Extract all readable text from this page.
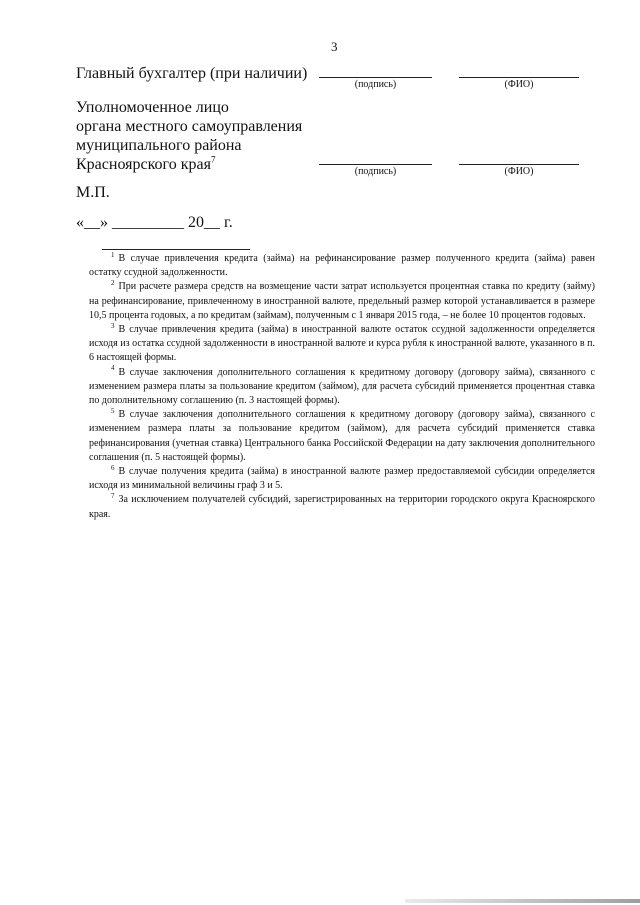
3
Главный бухгалтер (при наличии)
(подпись)	(ФИО)
Уполномоченное лицо
органа местного самоуправления
муниципального района
Красноярского края$^7$
(подпись)	(ФИО)
М.П.
«__» _________ 20__ г.

$^1$ В случае привлечения кредита (займа) на рефинансирование размер полученного кредита (займа) равен остатку ссудной задолженности.

$^2$ При расчете размера средств на возмещение части затрат используется процентная ставка по кредиту (займу) на рефинансирование, привлеченному в иностранной валюте, предельный размер которой устанавливается в размере 10,5 процента годовых, а по кредитам (займам), полученным с 1 января 2015 года, – не более 10 процентов годовых.

$^3$ В случае привлечения кредита (займа) в иностранной валюте остаток ссудной задолженности определяется исходя из остатка ссудной задолженности в иностранной валюте и курса рубля к иностранной валюте, указанного в п. 6 настоящей формы.

$^4$ В случае заключения дополнительного соглашения к кредитному договору (договору займа), связанного с изменением размера платы за пользование кредитом (займом), для расчета субсидий применяется процентная ставка по дополнительному соглашению (п. 3 настоящей формы).

$^5$ В случае заключения дополнительного соглашения к кредитному договору (договору займа), связанного с изменением размера платы за пользование кредитом (займом), для расчета субсидий применяется ставка рефинансирования (учетная ставка) Центрального банка Российской Федерации на дату заключения дополнительного соглашения (п. 5 настоящей формы).

$^6$ В случае получения кредита (займа) в иностранной валюте размер предоставляемой субсидии определяется исходя из минимальной величины граф 3 и 5.

$^7$ За исключением получателей субсидий, зарегистрированных на территории городского округа Красноярского края.
